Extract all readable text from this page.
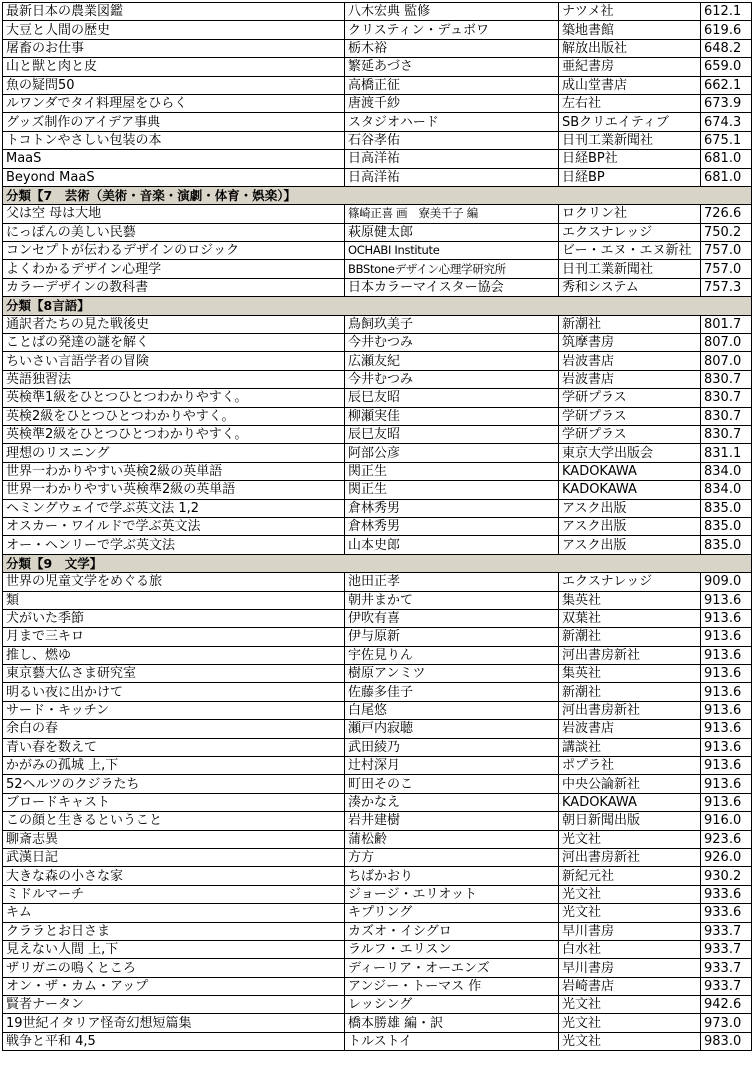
最新日本の農業図鑑	八木宏典 監修	ナツメ社	612.1
大豆と人間の歴史	クリスティン・デュボワ	築地書館	619.6
屠畜のお仕事	栃木裕	解放出版社	648.2
山と獣と肉と皮	繁延あづさ	亜紀書房	659.0
魚の疑問50	高橋正征	成山堂書店	662.1
ルワンダでタイ料理屋をひらく	唐渡千紗	左右社	673.9
グッズ制作のアイデア事典	スタジオハード	SBクリエイティブ	674.3
トコトンやさしい包装の本	石谷孝佑	日刊工業新聞社	675.1
MaaS	日高洋祐	日経BP社	681.0
Beyond MaaS	日高洋祐	日経BP	681.0
分類【7　芸術（美術・音楽・演劇・体育・娯楽）】			
父は空 母は大地	篠崎正喜 画　寮美千子 編	ロクリン社	726.6
にっぽんの美しい民藝	萩原健太郎	エクスナレッジ	750.2
コンセプトが伝わるデザインのロジック	OCHABI Institute	ビー・エヌ・エヌ新社	757.0
よくわかるデザイン心理学	BBStoneデザイン心理学研究所	日刊工業新聞社	757.0
カラーデザインの教科書	日本カラーマイスター協会	秀和システム	757.3
分類【8言語】			
通訳者たちの見た戦後史	鳥飼玖美子	新潮社	801.7
ことばの発達の謎を解く	今井むつみ	筑摩書房	807.0
ちいさい言語学者の冒険	広瀬友紀	岩波書店	807.0
英語独習法	今井むつみ	岩波書店	830.7
英検準1級をひとつひとつわかりやすく。	辰巳友昭	学研プラス	830.7
英検2級をひとつひとつわかりやすく。	柳瀬実佳	学研プラス	830.7
英検準2級をひとつひとつわかりやすく。	辰巳友昭	学研プラス	830.7
理想のリスニング	阿部公彦	東京大学出版会	831.1
世界一わかりやすい英検2級の英単語	関正生	KADOKAWA	834.0
世界一わかりやすい英検準2級の英単語	関正生	KADOKAWA	834.0
ヘミングウェイで学ぶ英文法 1,2	倉林秀男	アスク出版	835.0
オスカー・ワイルドで学ぶ英文法	倉林秀男	アスク出版	835.0
オー・ヘンリーで学ぶ英文法	山本史郎	アスク出版	835.0
分類【9　文学】			
世界の児童文学をめぐる旅	池田正孝	エクスナレッジ	909.0
類	朝井まかて	集英社	913.6
犬がいた季節	伊吹有喜	双葉社	913.6
月まで三キロ	伊与原新	新潮社	913.6
推し、燃ゆ	宇佐見りん	河出書房新社	913.6
東京藝大仏さま研究室	樹原アンミツ	集英社	913.6
明るい夜に出かけて	佐藤多佳子	新潮社	913.6
サード・キッチン	白尾悠	河出書房新社	913.6
余白の春	瀬戸内寂聴	岩波書店	913.6
青い春を数えて	武田綾乃	講談社	913.6
かがみの孤城 上,下	辻村深月	ポプラ社	913.6
52ヘルツのクジラたち	町田そのこ	中央公論新社	913.6
ブロードキャスト	湊かなえ	KADOKAWA	913.6
この顔と生きるということ	岩井建樹	朝日新聞出版	916.0
聊斎志異	蒲松齢	光文社	923.6
武漢日記	方方	河出書房新社	926.0
大きな森の小さな家	ちばかおり	新紀元社	930.2
ミドルマーチ	ジョージ・エリオット	光文社	933.6
キム	キプリング	光文社	933.6
クララとお日さま	カズオ・イシグロ	早川書房	933.7
見えない人間 上,下	ラルフ・エリスン	白水社	933.7
ザリガニの鳴くところ	ディーリア・オーエンズ	早川書房	933.7
オン・ザ・カム・アップ	アンジー・トーマス 作	岩崎書店	933.7
賢者ナータン	レッシング	光文社	942.6
19世紀イタリア怪奇幻想短篇集	橋本勝雄 編・訳	光文社	973.0
戦争と平和 4,5	トルストイ	光文社	983.0
